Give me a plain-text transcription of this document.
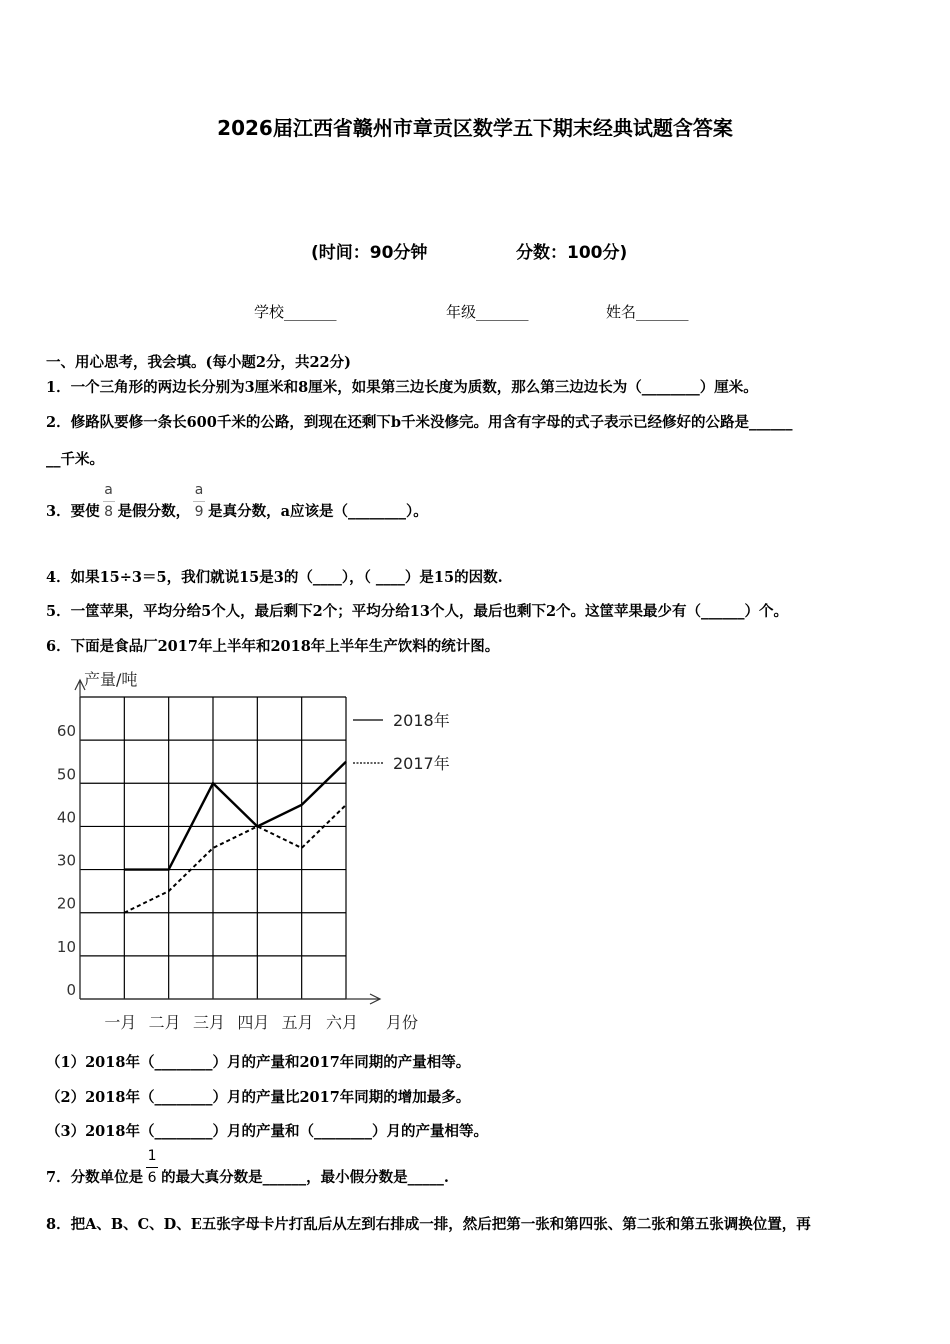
2026届江西省赣州市章贡区数学五下期末经典试题含答案
(时间：90分钟	分数：100分)
学校_______	年级_______	姓名_______
一、用心思考，我会填。(每小题2分，共22分)
1．一个三角形的两边长分别为3厘米和8厘米，如果第三边长度为质数，那么第三边边长为（________）厘米。
2．修路队要修一条长600千米的公路，到现在还剩下b千米没修完。用含有字母的式子表示已经修好的公路是______
__千米。
3．要使 $\frac{a}{8}$ 是假分数， $\frac{a}{9}$ 是真分数，a应该是（________）。
4．如果15÷3＝5，我们就说15是3的（____），（ ____）是15的因数.
5．一筐苹果，平均分给5个人，最后剩下2个；平均分给13个人，最后也剩下2个。这筐苹果最少有（______）个。
6．下面是食品厂2017年上半年和2018年上半年生产饮料的统计图。
产量/吨
0
10
20
30
40
50
60
一月 二月 三月 四月 五月 六月 月份
2018年
2017年
（1）2018年（________）月的产量和2017年同期的产量相等。
（2）2018年（________）月的产量比2017年同期的增加最多。
（3）2018年（________）月的产量和（________）月的产量相等。
7．分数单位是 $\frac{1}{6}$ 的最大真分数是______，最小假分数是_____.
8．把A、B、C、D、E五张字母卡片打乱后从左到右排成一排，然后把第一张和第四张、第二张和第五张调换位置，再
